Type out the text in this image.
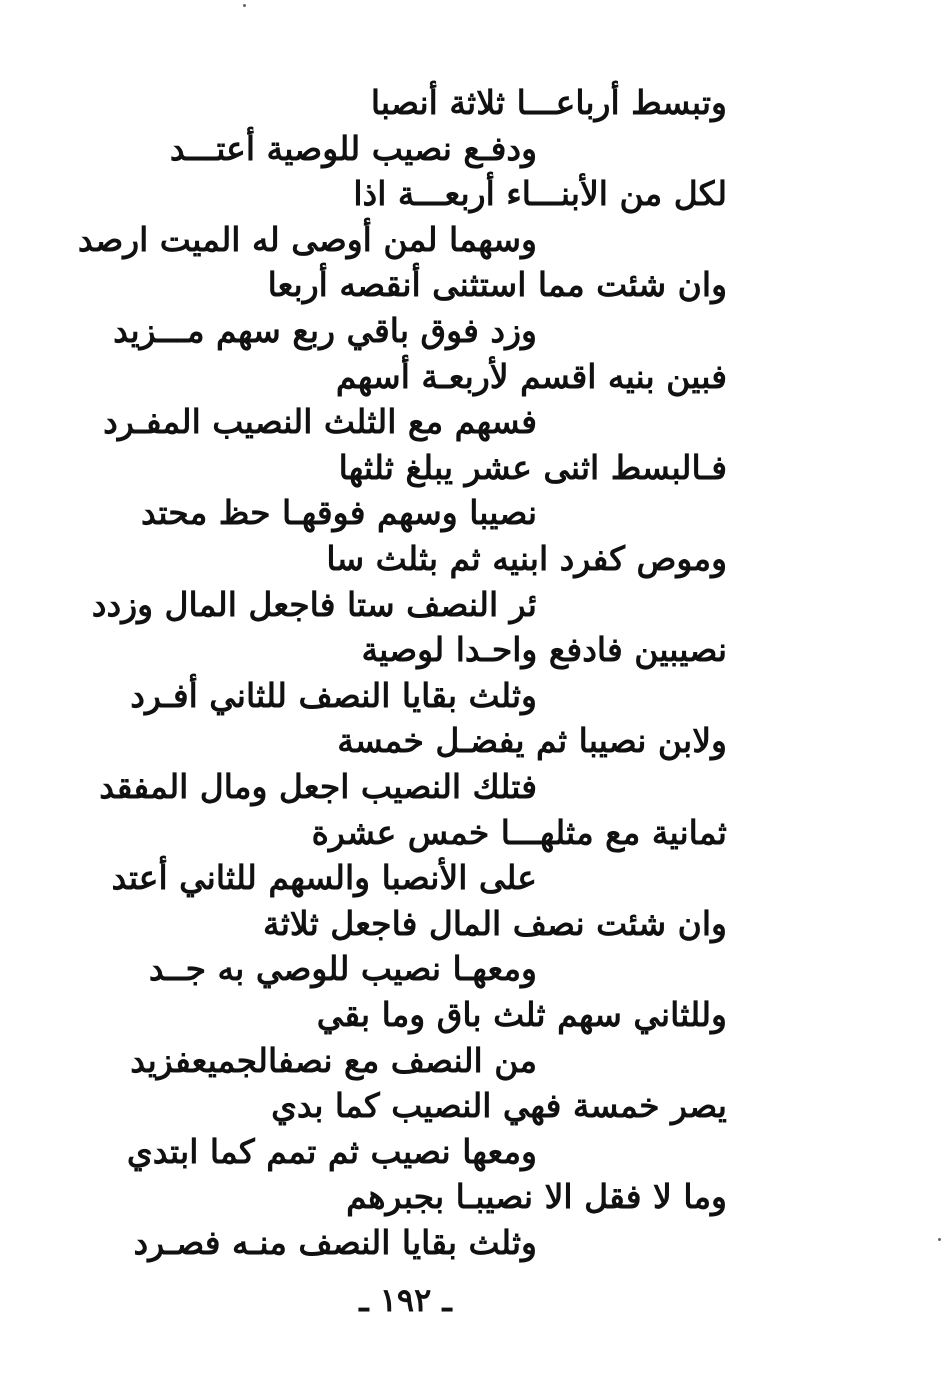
وتبسط أرباعـــا ثلاثة أنصبا
ودفـع نصيب للوصية أعتـــد
لكل من الأبنـــاء أربعـــة اذا
وسهما لمن أوصى له الميت ارصد
وان شئت مما استثنى أنقصه أربعا
وزد فوق باقي ربع سهم مـــزيد
فبين بنيه اقسم لأربعـة أسهم
فسهم مع الثلث النصيب المفـرد
فـالبسط اثنى عشر يبلغ ثلثها
نصيبا وسهم فوقهـا حظ محتد
وموص كفرد ابنيه ثم بثلث سا
ئر النصف ستا فاجعل المال وزدد
نصيبين فادفع واحـدا لوصية
وثلث بقايا النصف للثاني أفـرد
ولابن نصيبا ثم يفضـل خمسة
فتلك النصيب اجعل ومال المفقد
ثمانية مع مثلهـــا خمس عشرة
على الأنصبا والسهم للثاني أعتد
وان شئت نصف المال فاجعل ثلاثة
ومعهـا نصيب للوصي به جــد
وللثاني سهم ثلث باق وما بقي
من النصف مع نصفالجميعفزيد
يصر خمسة فهي النصيب كما بدي
ومعها نصيب ثم تمم كما ابتدي
وما لا فقل الا نصيبـا بجبرهم
وثلث بقايا النصف منـه فصـرد
ـ ١٩٢ ـ
